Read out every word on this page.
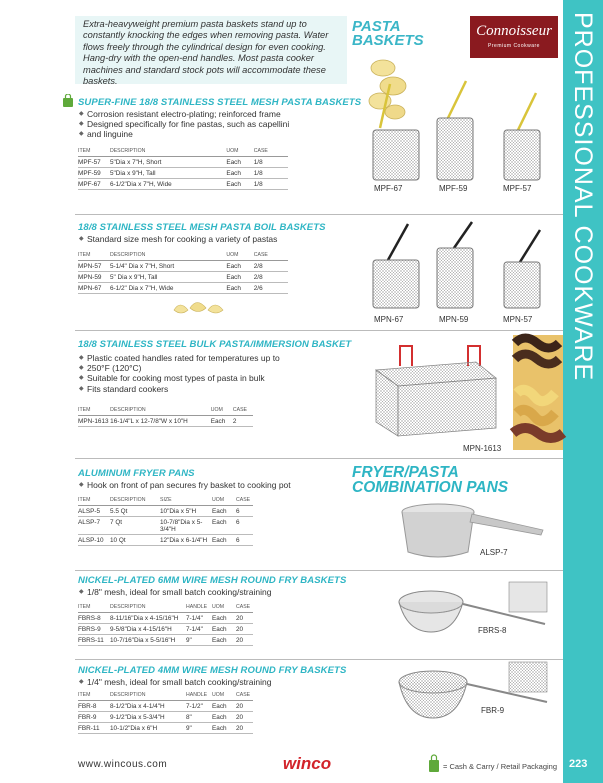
PROFESSIONAL COOKWARE
Extra-heavyweight premium pasta baskets stand up to constantly knocking the edges when removing pasta. Water flows freely through the cylindrical design for even cooking. Hang-dry with the open-end handles. Most pasta cooker machines and standard stock pots will accommodate these baskets.
PASTA
BASKETS
Connoisseur
Premium Cookware
SUPER-FINE 18/8 STAINLESS STEEL MESH PASTA BASKETS
◆ Corrosion resistant electro-plating; reinforced frame
◆ Designed specifically for fine pastas, such as capellini
◆ and linguine
ITEM	DESCRIPTION	UOM	CASE
MPF-57	5"Dia x 7"H, Short	Each	1/8
MPF-59	5"Dia x 9"H, Tall	Each	1/8
MPF-67	6-1/2"Dia x 7"H, Wide	Each	1/8	MPF-67	MPF-59	MPF-57
18/8 STAINLESS STEEL MESH PASTA BOIL BASKETS
◆ Standard size mesh for cooking a variety of pastas
ITEM	DESCRIPTION	UOM	CASE
MPN-57	5-1/4" Dia x 7"H, Short	Each	2/8
MPN-59	5" Dia x 9"H, Tall	Each	2/8
MPN-67	6-1/2" Dia x 7"H, Wide	Each	2/6
MPN-67	MPN-59	MPN-57
18/8 STAINLESS STEEL BULK PASTA/IMMERSION BASKET
◆ Plastic coated handles rated for temperatures up to
◆ 250°F (120°C)
◆ Suitable for cooking most types of pasta in bulk
◆ Fits standard cookers
ITEM	DESCRIPTION	UOM	CASE
MPN-1613	16-1/4"L x 12-7/8"W x 10"H	Each	2
MPN-1613
ALUMINUM FRYER PANS
◆ Hook on front of pan secures fry basket to cooking pot
FRYER/PASTA
COMBINATION PANS
ITEM	DESCRIPTION	SIZE	UOM	CASE
ALSP-5	5.5 Qt	10"Dia x 5"H	Each	6
ALSP-7	7 Qt	10-7/8"Dia x 5-3/4"H	Each	6
ALSP-10	10 Qt	12"Dia x 6-1/4"H	Each	6
ALSP-7
NICKEL-PLATED 6MM WIRE MESH ROUND FRY BASKETS
◆ 1/8" mesh, ideal for small batch cooking/straining
ITEM	DESCRIPTION	HANDLE	UOM	CASE
FBRS-8	8-11/16"Dia x 4-15/16"H	7-1/4"	Each	20
FBRS-9	9-5/8"Dia x 4-15/16"H	7-1/4"	Each	20
FBRS-11	10-7/16"Dia x 5-5/16"H	9"	Each	20
FBRS-8
NICKEL-PLATED 4MM WIRE MESH ROUND FRY BASKETS
◆ 1/4" mesh, ideal for small batch cooking/straining
ITEM	DESCRIPTION	HANDLE	UOM	CASE
FBR-8	8-1/2"Dia x 4-1/4"H	7-1/2"	Each	20
FBR-9	9-1/2"Dia x 5-3/4"H	8"	Each	20
FBR-11	10-1/2"Dia x 6"H	9"	Each	20
FBR-9
www.wincous.com	winco	= Cash & Carry / Retail Packaging 223
